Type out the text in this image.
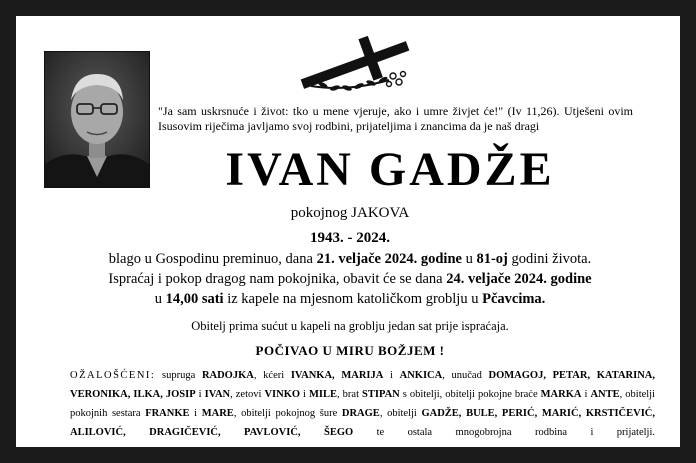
"Ja sam uskrsnuće i život: tko u mene vjeruje, ako i umre živjet će!" (Iv 11,26). Utješeni ovim Isusovim riječima javljamo svoj rodbini, prijateljima i znancima da je naš dragi
IVAN GADŽE
pokojnog JAKOVA
1943. - 2024.
blago u Gospodinu preminuo, dana 21. veljače 2024. godine u 81-oj godini života.
Ispraćaj i pokop dragog nam pokojnika, obavit će se dana 24. veljače 2024. godine
u 14,00 sati iz kapele na mjesnom katoličkom groblju u Pčavcima.
Obitelj prima sućut u kapeli na groblju jedan sat prije ispraćaja.
POČIVAO U MIRU BOŽJEM !
OŽALOŠĆENI: supruga RADOJKA, kćeri IVANKA, MARIJA i ANKICA, unučad DOMAGOJ, PETAR, KATARINA, VERONIKA, ILKA, JOSIP i IVAN, zetovi VINKO i MILE, brat STIPAN s obitelji, obitelji pokojne braće MARKA i ANTE, obitelji pokojnih sestara FRANKE i MARE, obitelji pokojnog šure DRAGE, obitelji GADŽE, BULE, PERIĆ, MARIĆ, KRSTIČEVIĆ, ALILOVIĆ, DRAGIČEVIĆ, PAVLOVIĆ, ŠEGO te ostala mnogobrojna rodbina i prijatelji.
